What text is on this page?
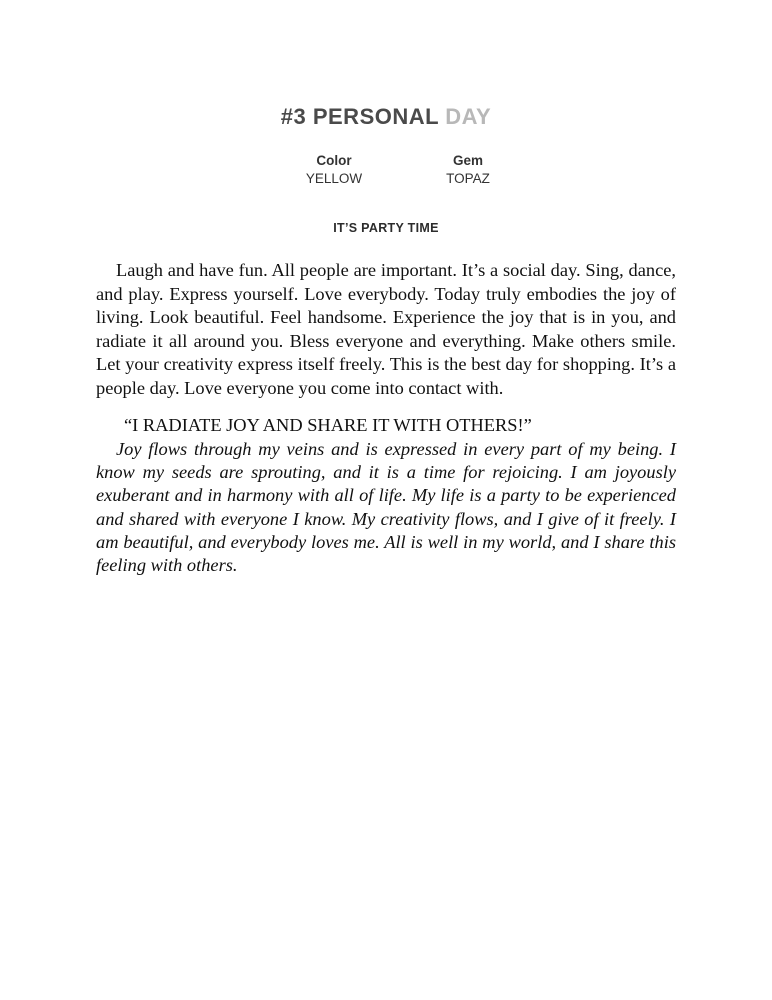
#3 PERSONAL DAY
Color
YELLOW
Gem
TOPAZ
IT’S PARTY TIME

Laugh and have fun. All people are important. It’s a social day. Sing, dance, and play. Express yourself. Love everybody. Today truly embodies the joy of living. Look beautiful. Feel handsome. Experience the joy that is in you, and radiate it all around you. Bless everyone and everything. Make others smile. Let your creativity express itself freely. This is the best day for shopping. It’s a people day. Love everyone you come into contact with.

“I RADIATE JOY AND SHARE IT WITH OTHERS!”

Joy flows through my veins and is expressed in every part of my being. I know my seeds are sprouting, and it is a time for rejoicing. I am joyously exuberant and in harmony with all of life. My life is a party to be experienced and shared with everyone I know. My creativity flows, and I give of it freely. I am beautiful, and everybody loves me. All is well in my world, and I share this feeling with others.
